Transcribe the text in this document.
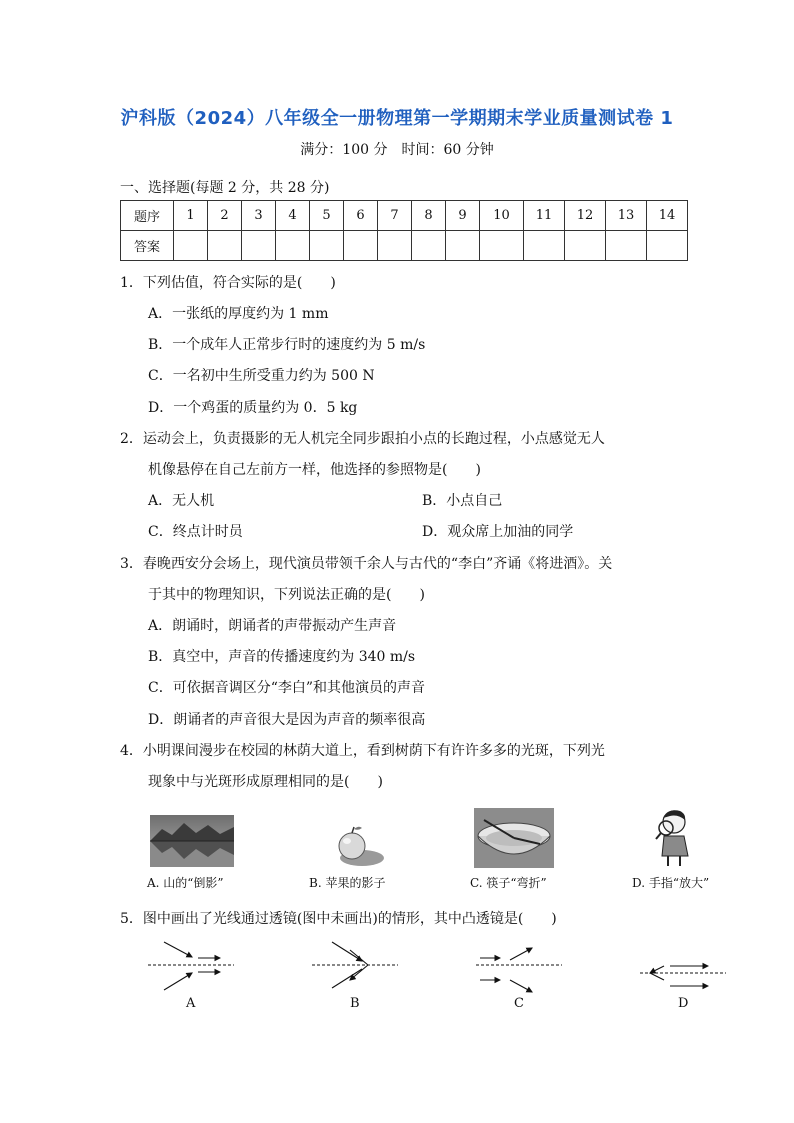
沪科版（2024）八年级全一册物理第一学期期末学业质量测试卷 1
满分：100 分　时间：60 分钟
一、选择题(每题 2 分，共 28 分)
题序	1	2	3	4	5	6	7	8	9	10	11	12	13	14
答案														
1．下列估值，符合实际的是(　　)
A．一张纸的厚度约为 1 mm
B．一个成年人正常步行时的速度约为 5 m/s
C．一名初中生所受重力约为 500 N
D．一个鸡蛋的质量约为 0．5 kg
2．运动会上，负责摄影的无人机完全同步跟拍小点的长跑过程，小点感觉无人
机像悬停在自己左前方一样，他选择的参照物是(　　)
A．无人机	B．小点自己
C．终点计时员	D．观众席上加油的同学
3．春晚西安分会场上，现代演员带领千余人与古代的“李白”齐诵《将进酒》。关
于其中的物理知识，下列说法正确的是(　　)
A．朗诵时，朗诵者的声带振动产生声音
B．真空中，声音的传播速度约为 340 m/s
C．可依据音调区分“李白”和其他演员的声音
D．朗诵者的声音很大是因为声音的频率很高
4．小明课间漫步在校园的林荫大道上，看到树荫下有许许多多的光斑，下列光
现象中与光斑形成原理相同的是(　　)
A. 山的“倒影”	B. 苹果的影子	C. 筷子“弯折”	D. 手指“放大”
5．图中画出了光线通过透镜(图中未画出)的情形，其中凸透镜是(　　)
A	B	C	D
